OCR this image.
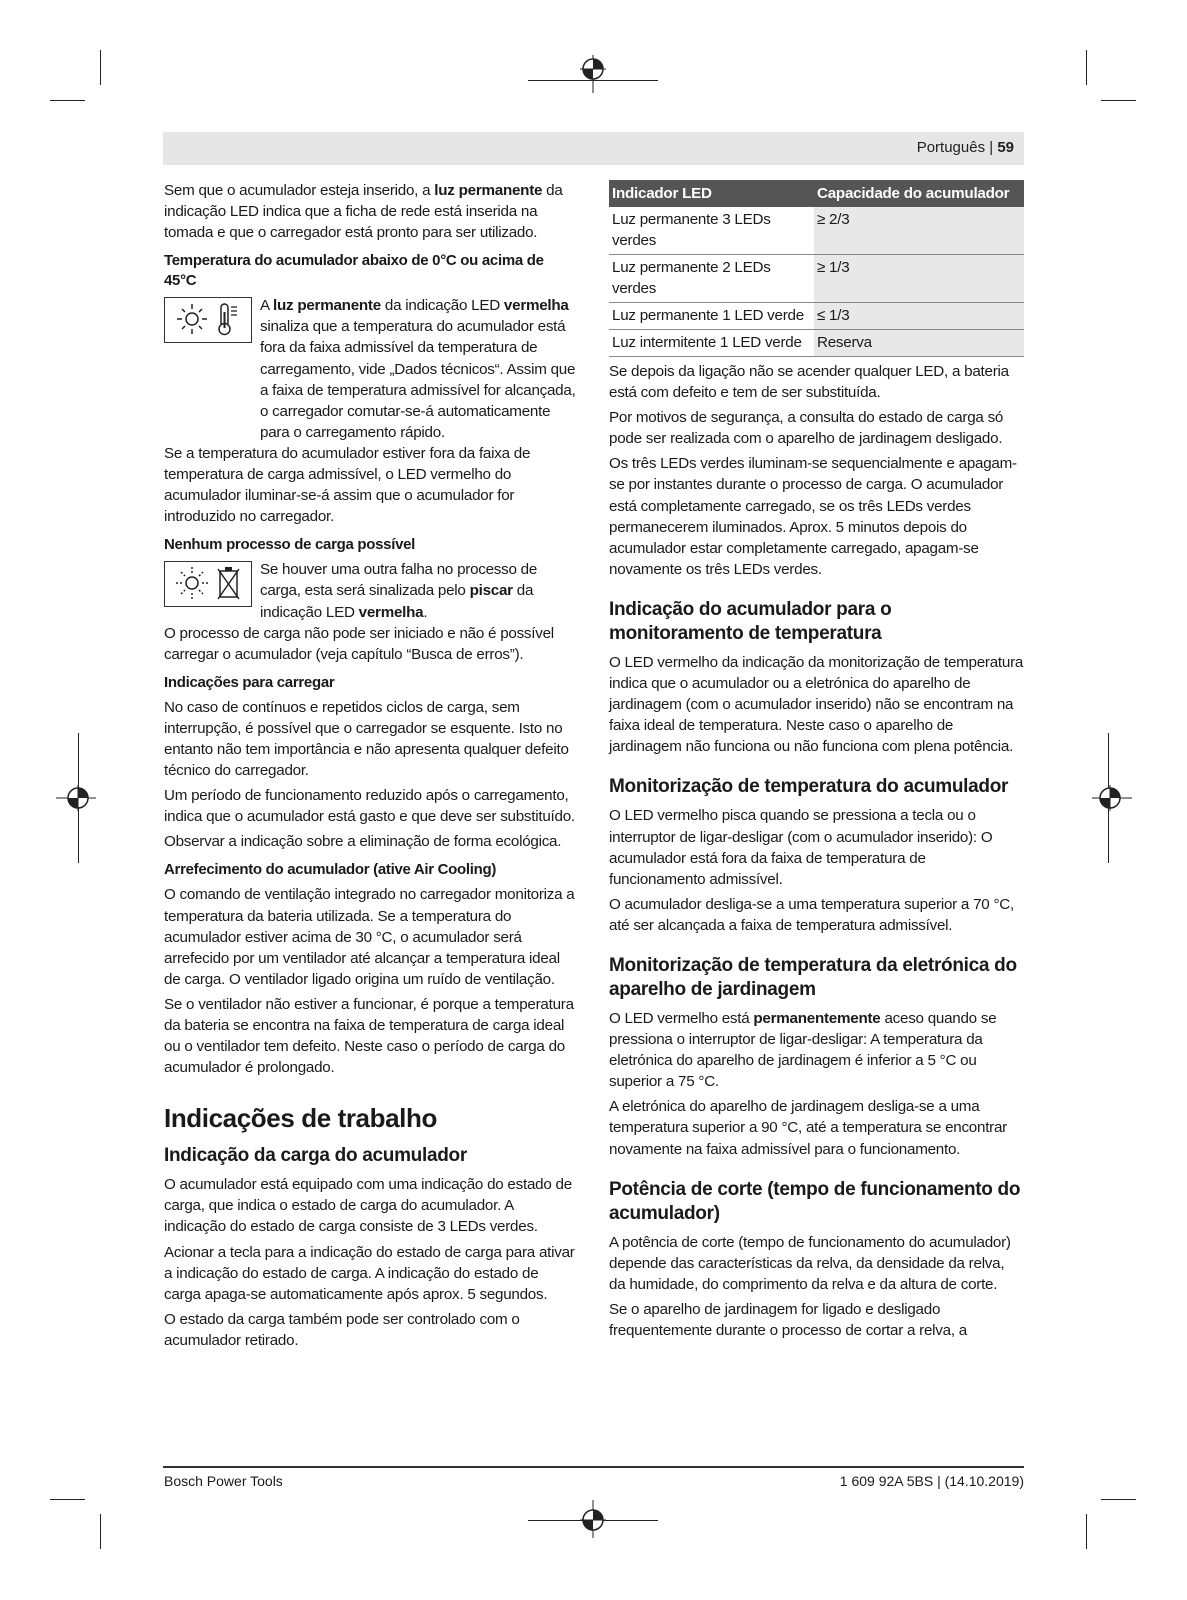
Português | 59

Sem que o acumulador esteja inserido, a luz permanente da indicação LED indica que a ficha de rede está inserida na tomada e que o carregador está pronto para ser utilizado.

Temperatura do acumulador abaixo de 0°C ou acima de 45°C
A luz permanente da indicação LED vermelha sinaliza que a temperatura do acumulador está fora da faixa admissível da temperatura de carregamento, vide „Dados técnicos“. Assim que a faixa de temperatura admissível for alcançada, o carregador comutar-se-á automaticamente para o carregamento rápido.

Se a temperatura do acumulador estiver fora da faixa de temperatura de carga admissível, o LED vermelho do acumulador iluminar-se-á assim que o acumulador for introduzido no carregador.

Nenhum processo de carga possível
Se houver uma outra falha no processo de carga, esta será sinalizada pelo piscar da indicação LED vermelha.

O processo de carga não pode ser iniciado e não é possível carregar o acumulador (veja capítulo “Busca de erros”).

Indicações para carregar

No caso de contínuos e repetidos ciclos de carga, sem interrupção, é possível que o carregador se esquente. Isto no entanto não tem importância e não apresenta qualquer defeito técnico do carregador.

Um período de funcionamento reduzido após o carregamento, indica que o acumulador está gasto e que deve ser substituído.

Observar a indicação sobre a eliminação de forma ecológica.

Arrefecimento do acumulador (ative Air Cooling)

O comando de ventilação integrado no carregador monitoriza a temperatura da bateria utilizada. Se a temperatura do acumulador estiver acima de 30 °C, o acumulador será arrefecido por um ventilador até alcançar a temperatura ideal de carga. O ventilador ligado origina um ruído de ventilação.

Se o ventilador não estiver a funcionar, é porque a temperatura da bateria se encontra na faixa de temperatura de carga ideal ou o ventilador tem defeito. Neste caso o período de carga do acumulador é prolongado.

Indicações de trabalho
Indicação da carga do acumulador

O acumulador está equipado com uma indicação do estado de carga, que indica o estado de carga do acumulador. A indicação do estado de carga consiste de 3 LEDs verdes.

Acionar a tecla para a indicação do estado de carga para ativar a indicação do estado de carga. A indicação do estado de carga apaga-se automaticamente após aprox. 5 segundos.

O estado da carga também pode ser controlado com o acumulador retirado.

Indicador LED	Capacidade do acumulador
Luz permanente 3 LEDs verdes	≥ 2/3
Luz permanente 2 LEDs verdes	≥ 1/3
Luz permanente 1 LED verde	≤ 1/3
Luz intermitente 1 LED verde	Reserva

Se depois da ligação não se acender qualquer LED, a bateria está com defeito e tem de ser substituída.

Por motivos de segurança, a consulta do estado de carga só pode ser realizada com o aparelho de jardinagem desligado.

Os três LEDs verdes iluminam-se sequencialmente e apagam-se por instantes durante o processo de carga. O acumulador está completamente carregado, se os três LEDs verdes permanecerem iluminados. Aprox. 5 minutos depois do acumulador estar completamente carregado, apagam-se novamente os três LEDs verdes.

Indicação do acumulador para o monitoramento de temperatura

O LED vermelho da indicação da monitorização de temperatura indica que o acumulador ou a eletrónica do aparelho de jardinagem (com o acumulador inserido) não se encontram na faixa ideal de temperatura. Neste caso o aparelho de jardinagem não funciona ou não funciona com plena potência.

Monitorização de temperatura do acumulador

O LED vermelho pisca quando se pressiona a tecla ou o interruptor de ligar-desligar (com o acumulador inserido): O acumulador está fora da faixa de temperatura de funcionamento admissível.

O acumulador desliga-se a uma temperatura superior a 70 °C, até ser alcançada a faixa de temperatura admissível.

Monitorização de temperatura da eletrónica do aparelho de jardinagem

O LED vermelho está permanentemente aceso quando se pressiona o interruptor de ligar-desligar: A temperatura da eletrónica do aparelho de jardinagem é inferior a 5 °C ou superior a 75 °C.

A eletrónica do aparelho de jardinagem desliga-se a uma temperatura superior a 90 °C, até a temperatura se encontrar novamente na faixa admissível para o funcionamento.

Potência de corte (tempo de funcionamento do acumulador)

A potência de corte (tempo de funcionamento do acumulador) depende das características da relva, da densidade da relva, da humidade, do comprimento da relva e da altura de corte.

Se o aparelho de jardinagem for ligado e desligado frequentemente durante o processo de cortar a relva, a

Bosch Power Tools	1 609 92A 5BS | (14.10.2019)
